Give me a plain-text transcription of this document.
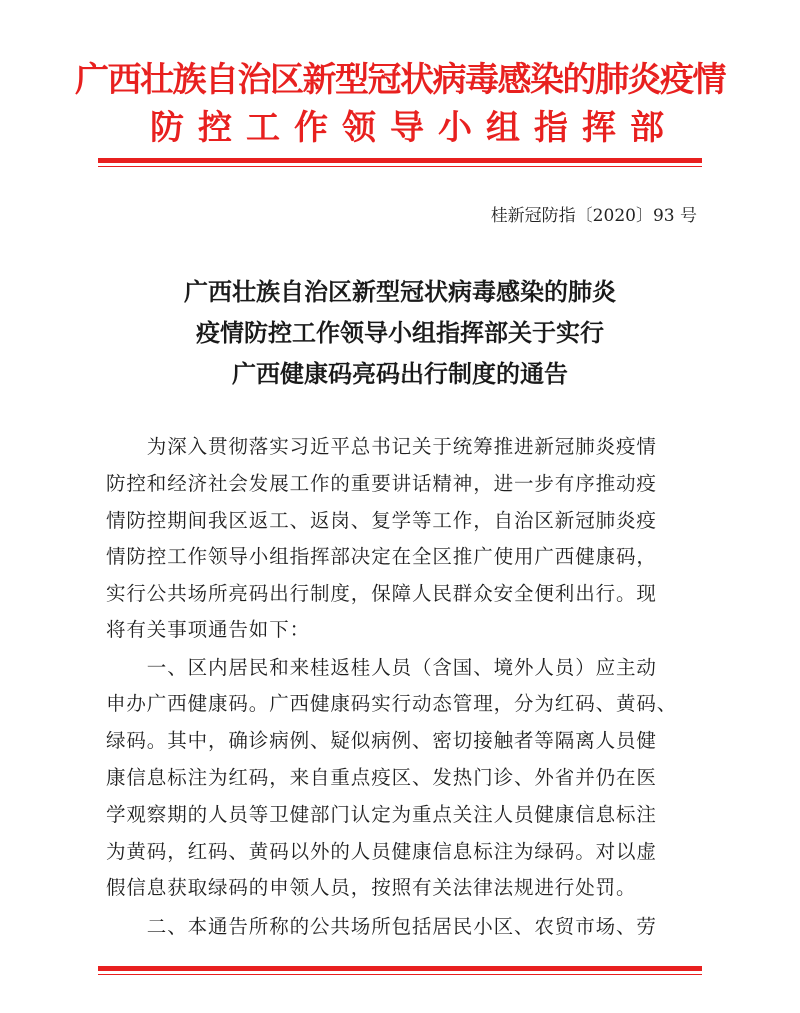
广西壮族自治区新型冠状病毒感染的肺炎疫情
防控工作领导小组指挥部
桂新冠防指〔2020〕93 号
广西壮族自治区新型冠状病毒感染的肺炎
疫情防控工作领导小组指挥部关于实行
广西健康码亮码出行制度的通告
　　为深入贯彻落实习近平总书记关于统筹推进新冠肺炎疫情
防控和经济社会发展工作的重要讲话精神，进一步有序推动疫
情防控期间我区返工、返岗、复学等工作，自治区新冠肺炎疫
情防控工作领导小组指挥部决定在全区推广使用广西健康码，
实行公共场所亮码出行制度，保障人民群众安全便利出行。现
将有关事项通告如下：
　　一、区内居民和来桂返桂人员（含国、境外人员）应主动
申办广西健康码。广西健康码实行动态管理，分为红码、黄码、
绿码。其中，确诊病例、疑似病例、密切接触者等隔离人员健
康信息标注为红码，来自重点疫区、发热门诊、外省并仍在医
学观察期的人员等卫健部门认定为重点关注人员健康信息标注
为黄码，红码、黄码以外的人员健康信息标注为绿码。对以虚
假信息获取绿码的申领人员，按照有关法律法规进行处罚。
　　二、本通告所称的公共场所包括居民小区、农贸市场、劳
